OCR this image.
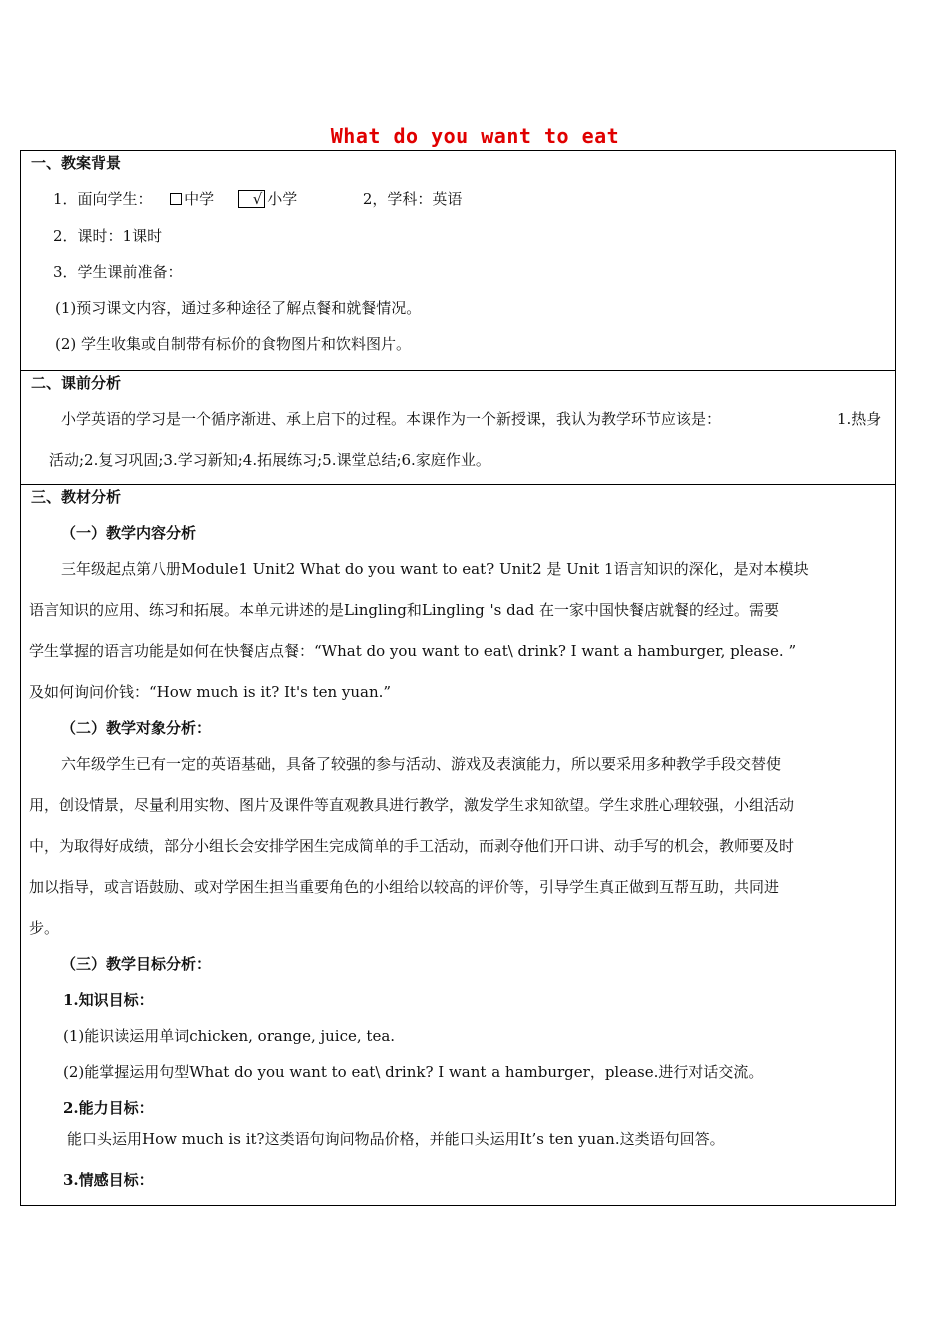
What do you want to eat
一、教案背景
1．面向学生： 中学	√ 小学	2，学科：英语
2．课时：1课时
3．学生课前准备：
(1)预习课文内容，通过多种途径了解点餐和就餐情况。
(2) 学生收集或自制带有标价的食物图片和饮料图片。
二、课前分析
小学英语的学习是一个循序渐进、承上启下的过程。本课作为一个新授课，我认为教学环节应该是：	1.热身
活动;2.复习巩固;3.学习新知;4.拓展练习;5.课堂总结;6.家庭作业。
三、教材分析
（一）教学内容分析
三年级起点第八册Module1 Unit2 What do you want to eat? Unit2 是 Unit 1语言知识的深化，是对本模块
语言知识的应用、练习和拓展。本单元讲述的是Lingling和Lingling 's dad 在一家中国快餐店就餐的经过。需要
学生掌握的语言功能是如何在快餐店点餐：“What do you want to eat\ drink? I want a hamburger, please. ”
及如何询问价钱：“How much is it? It's ten yuan.”
（二）教学对象分析：
六年级学生已有一定的英语基础，具备了较强的参与活动、游戏及表演能力，所以要采用多种教学手段交替使
用，创设情景，尽量利用实物、图片及课件等直观教具进行教学，激发学生求知欲望。学生求胜心理较强，小组活动
中，为取得好成绩，部分小组长会安排学困生完成简单的手工活动，而剥夺他们开口讲、动手写的机会，教师要及时
加以指导，或言语鼓励、或对学困生担当重要角色的小组给以较高的评价等，引导学生真正做到互帮互助，共同进
步。
（三）教学目标分析：
1.知识目标：
(1)能识读运用单词chicken, orange, juice, tea.
(2)能掌握运用句型What do you want to eat\ drink? I want a hamburger，please.进行对话交流。
2.能力目标：
能口头运用How much is it?这类语句询问物品价格，并能口头运用It’s ten yuan.这类语句回答。
3.情感目标：
